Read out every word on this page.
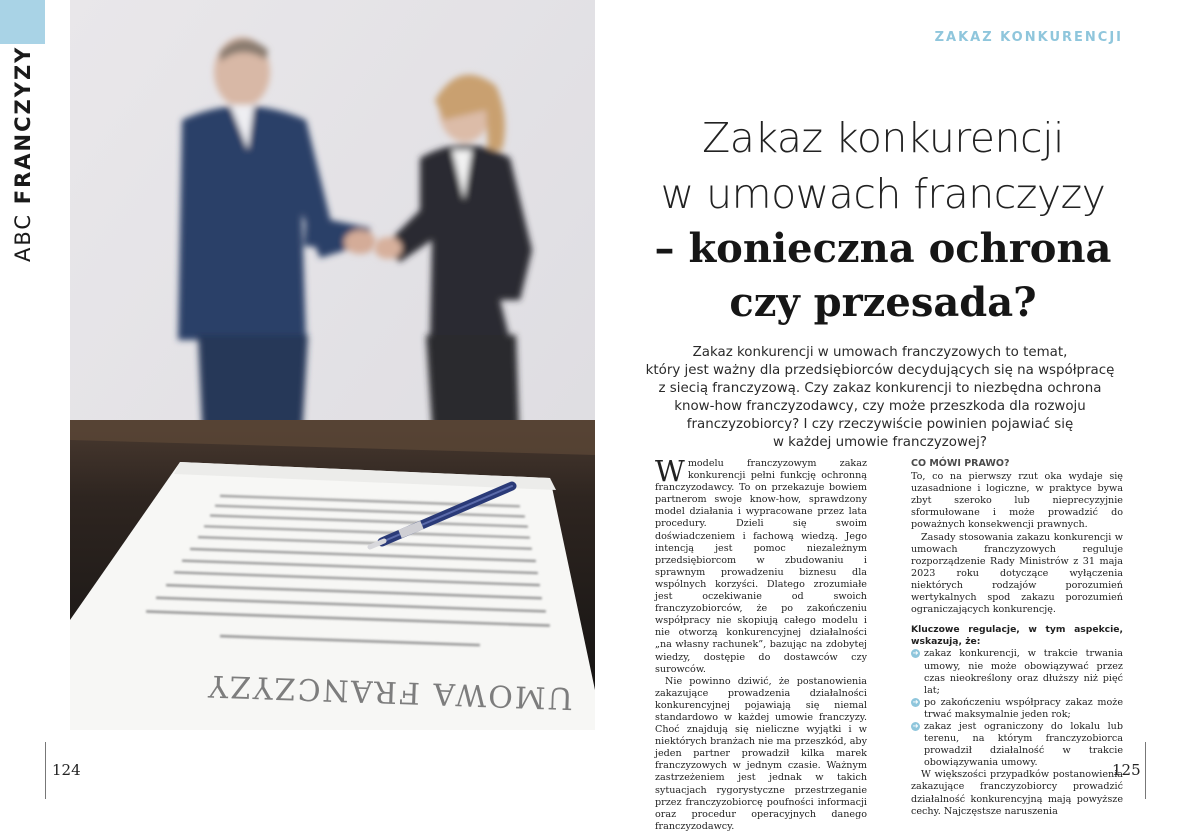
ABC FRANCZYZY
UMOWA FRANCZYZY
124
ZAKAZ KONKURENCJI
Zakaz konkurencji
w umowach franczyzy
– konieczna ochrona
czy przesada?
Zakaz konkurencji w umowach franczyzowych to temat,
który jest ważny dla przedsiębiorców decydujących się na współpracę
z siecią franczyzową. Czy zakaz konkurencji to niezbędna ochrona
know-how franczyzodawcy, czy może przeszkoda dla rozwoju
franczyzobiorcy? I czy rzeczywiście powinien pojawiać się
w każdej umowie franczyzowej?

Wmodelu franczyzowym zakaz konkurencji pełni funkcję ochronną franczyzodawcy. To on przekazuje bowiem partnerom swoje know-how, sprawdzony model działania i wypracowane przez lata procedury. Dzieli się swoim doświadczeniem i fachową wiedzą. Jego intencją jest pomoc niezależnym przedsiębiorcom w zbudowaniu i sprawnym prowadzeniu biznesu dla wspólnych korzyści. Dlatego zrozumiałe jest oczekiwanie od swoich franczyzobiorców, że po zakończeniu współpracy nie skopiują całego modelu i nie otworzą konkurencyjnej działalności „na własny rachunek”, bazując na zdobytej wiedzy, dostępie do dostawców czy surowców.

Nie powinno dziwić, że postanowienia zakazujące prowadzenia działalności konkurencyjnej pojawiają się niemal standardowo w każdej umowie franczyzy. Choć znajdują się nieliczne wyjątki i w niektórych branżach nie ma przeszkód, aby jeden partner prowadził kilka marek franczyzowych w jednym czasie. Ważnym zastrzeżeniem jest jednak w takich sytuacjach rygorystyczne przestrzeganie przez franczyzobiorcę poufności informacji oraz procedur operacyjnych danego franczyzodawcy.

CO MÓWI PRAWO?

To, co na pierwszy rzut oka wydaje się uzasadnione i logiczne, w praktyce bywa zbyt szeroko lub nieprecyzyjnie sformułowane i może prowadzić do poważnych konsekwencji prawnych.

Zasady stosowania zakazu konkurencji w umowach franczyzowych reguluje rozporządzenie Rady Ministrów z 31 maja 2023 roku dotyczące wyłączenia niektórych rodzajów porozumień wertykalnych spod zakazu porozumień ograniczających konkurencję.

Kluczowe regulacje, w tym aspekcie, wskazują, że:

➜ zakaz konkurencji, w trakcie trwania umowy, nie może obowiązywać przez czas nieokreślony oraz dłuższy niż pięć lat;
➜ po zakończeniu współpracy zakaz może trwać maksymalnie jeden rok;
➜ zakaz jest ograniczony do lokalu lub terenu, na którym franczyzobiorca prowadził działalność w trakcie obowiązywania umowy.

W większości przypadków postanowienia zakazujące franczyzobiorcy prowadzić działalność konkurencyjną mają powyższe cechy. Najczęstsze naruszenia

125
